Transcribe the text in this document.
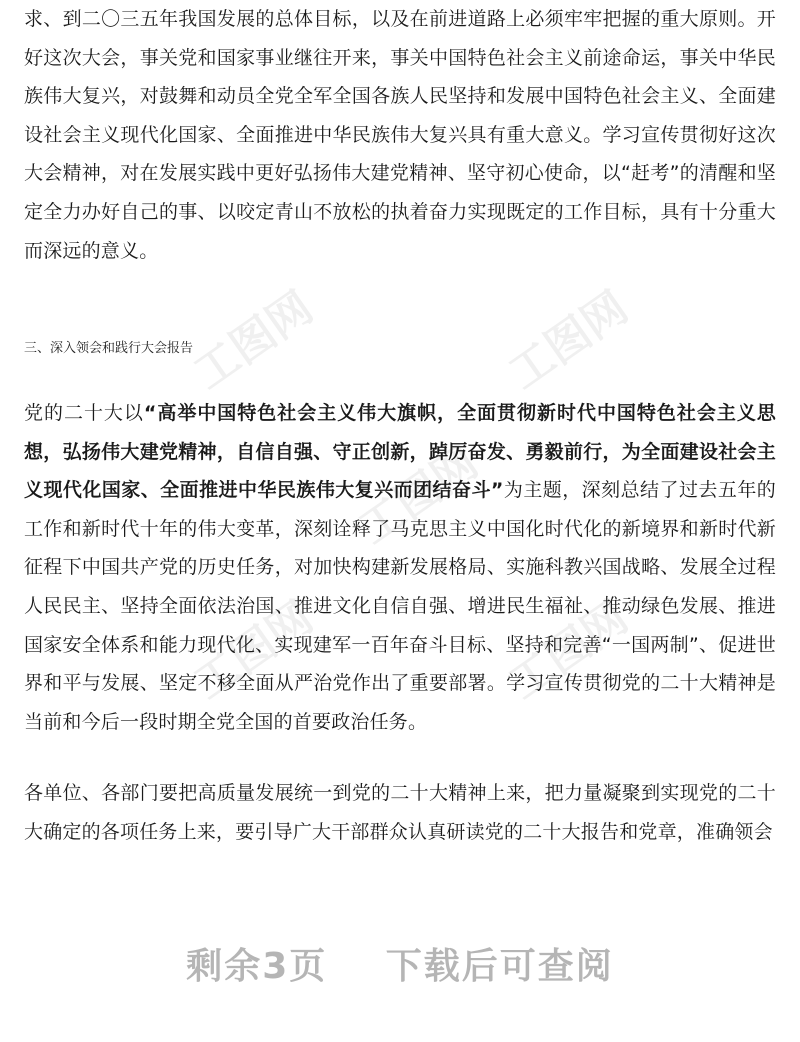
工图网	工图网
工图网
工图网	工图网

求、到二〇三五年我国发展的总体目标，以及在前进道路上必须牢牢把握的重大原则。开好这次大会，事关党和国家事业继往开来，事关中国特色社会主义前途命运，事关中华民族伟大复兴，对鼓舞和动员全党全军全国各族人民坚持和发展中国特色社会主义、全面建设社会主义现代化国家、全面推进中华民族伟大复兴具有重大意义。学习宣传贯彻好这次大会精神，对在发展实践中更好弘扬伟大建党精神、坚守初心使命，以“赶考”的清醒和坚定全力办好自己的事、以咬定青山不放松的执着奋力实现既定的工作目标，具有十分重大而深远的意义。

三、深入领会和践行大会报告

党的二十大以“高举中国特色社会主义伟大旗帜，全面贯彻新时代中国特色社会主义思想，弘扬伟大建党精神，自信自强、守正创新，踔厉奋发、勇毅前行，为全面建设社会主义现代化国家、全面推进中华民族伟大复兴而团结奋斗”为主题，深刻总结了过去五年的工作和新时代十年的伟大变革，深刻诠释了马克思主义中国化时代化的新境界和新时代新征程下中国共产党的历史任务，对加快构建新发展格局、实施科教兴国战略、发展全过程人民民主、坚持全面依法治国、推进文化自信自强、增进民生福祉、推动绿色发展、推进国家安全体系和能力现代化、实现建军一百年奋斗目标、坚持和完善“一国两制”、促进世界和平与发展、坚定不移全面从严治党作出了重要部署。学习宣传贯彻党的二十大精神是当前和今后一段时期全党全国的首要政治任务。

各单位、各部门要把高质量发展统一到党的二十大精神上来，把力量凝聚到实现党的二十大确定的各项任务上来，要引导广大干部群众认真研读党的二十大报告和党章，准确领会

剩余3页 下载后可查阅
